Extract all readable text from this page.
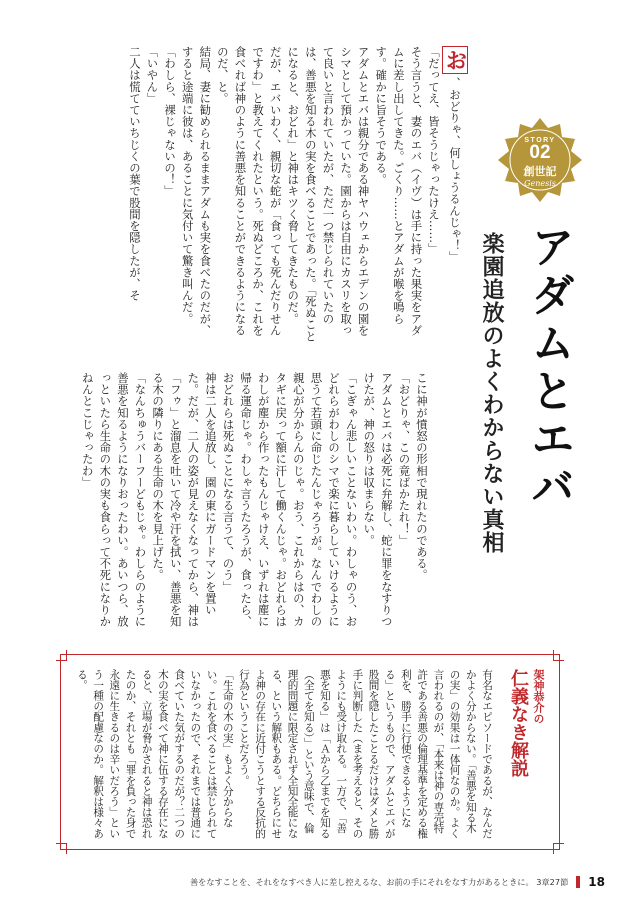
お、おどりゃ、何しょうるんじゃ！」

「だってえ、皆そうじゃったけえ……」

そう言うと、妻のエバ（イヴ）は手に持った果実をアダムに差し出してきた。ごくり……とアダムが喉を鳴らす。確かに旨そうである。

アダムとエバは親分である神ヤハウェからエデンの園をシマとして預かっていた。園からは自由にカスリを取って良いと言われていたが、ただ一つ禁じられていたのは、善悪を知る木の実を食べることであった。「死ぬことになると、おどれ」と神はキツく脅してきたものだ。

だが、エバいわく、親切な蛇が「食っても死んだりせんですわ」と教えてくれたという。死ぬどころか、これを食べれば神のように善悪を知ることができるようになるのだ、と。

結局、妻に勧められるままアダムも実を食べたのだが、すると途端に彼は、あることに気付いて驚き叫んだ。

「わしら、裸じゃないの！」

「いやん」

二人は慌てていちじくの葉で股間を隠したが、そ	STORY
02
創世記
Genesis
アダムとエバ
楽園追放のよくわからない真相

こに神が憤怒の形相で現れたのである。

「おどりゃ、この竟ばかたれ！」

アダムとエバは必死に弁解し、蛇に罪をなすりつけたが、神の怒りは収まらない。

「こぎゃん悲しいことないわい。わしゃのう、おどれらがわしのシマで楽に暮らしていけるように思うて若頭に命じたんじゃろうが。なんでわしの親心が分からんのじゃ。おう、これからはの、カタギに戻って額に汗して働くんじゃ。おどれらはわしが塵から作ったもんじゃけえ、いずれは塵に帰る運命じゃ。わしゃ言うたろうが、食ったら、おどれらは死ぬことになる言うて、のう」

神は二人を追放し、園の東にガードマンを置いた。だが、二人の姿が見えなくなってから、神は「フゥ」と溜息を吐いて冷や汗を拭い、善悪を知る木の隣りにある生命の木を見上げた。

「なんちゅうバーフーどもじゃ。わしらのように善悪を知るようになりおったわい。あいつら、放っといたら生命の木の実も食らって不死になりかねんとこじゃったわ」

架神恭介の
仁義なき解説

有名なエピソードであるが、なんだかよく分からない。「善悪を知る木の実」の効果は一体何なのか。よく言われるのが、「本来は神の専売特許である善悪の倫理基準を定める権利を、勝手に行使できるようになる」というもので、アダムとエバが股間を隠したことるだけはダメと勝手に判断した（まを考えると、そのようにも受け取れる。一方で、「善悪を知る」は「Ａから乙までを知る（全てを知る）」という意味で、倫理的問題に限定されず全知全能になる、という解釈もある。どちらにせよ神の存在に近付こうとする反抗的行為ということだろう。

「生命の木の実」もよく分からない。これを食べることは禁じられていなかったので、それまでは普通に食べていた気がするのだが？二つの木の実を食べて神に伍する存在になると、立場が脅かされると神は恐れたのか、それとも「罪を負った身で永遠に生きるのは辛いだろう」という一種の配慮なのか。解釈は様々ある。

善をなすことを、それをなすべき人に差し控えるな、お前の手にそれをなす力があるときに。 3章27節 18
